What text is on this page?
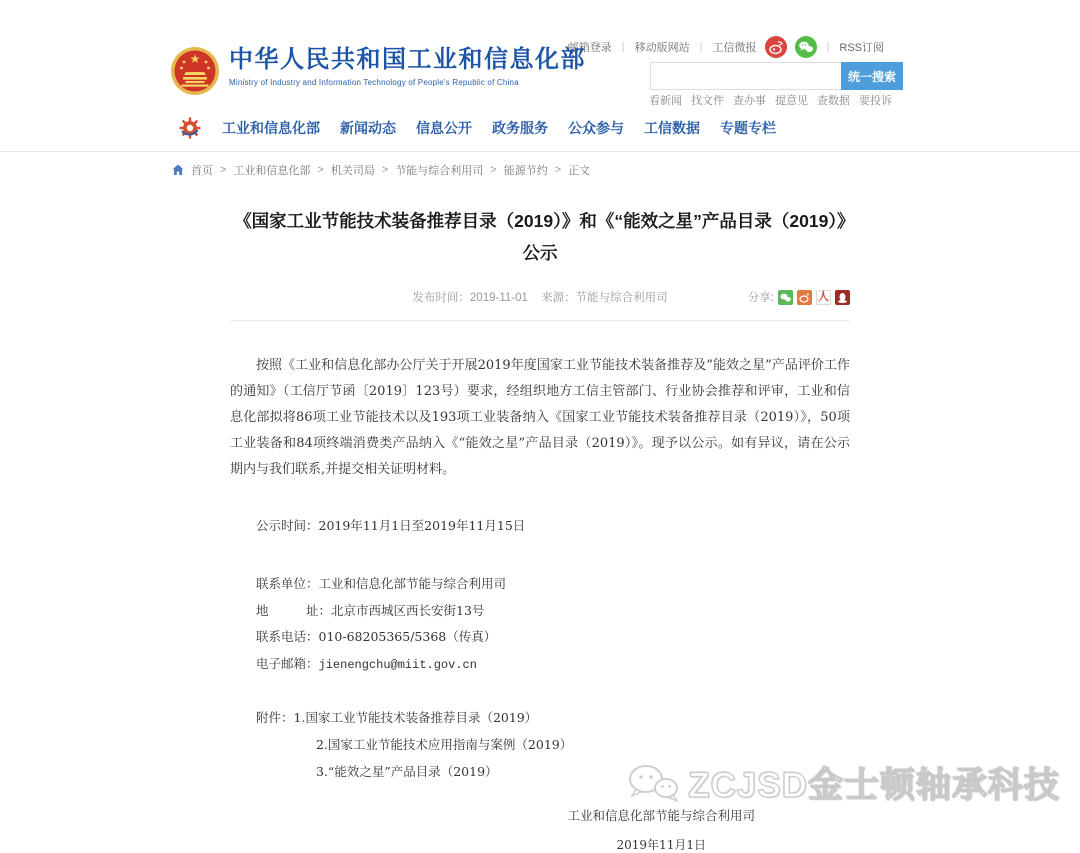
邮箱登录 | 移动版网站 | 工信微报	| RSS订阅
中华人民共和国工业和信息化部
Ministry of Industry and Information Technology of People's Republic of China	统一搜索
看新闻 找文件 查办事 提意见 查数据 要投诉
工业和信息化部 新闻动态 信息公开 政务服务 公众参与 工信数据 专题专栏
首页 > 工业和信息化部 > 机关司局 > 节能与综合利用司 > 能源节约 > 正文
《国家工业节能技术装备推荐目录（2019）》和《“能效之星”产品目录（2019）》公示
发布时间：2019-11-01 来源：节能与综合利用司	分享:	人

按照《工业和信息化部办公厅关于开展2019年度国家工业节能技术装备推荐及“能效之星”产品评价工作的通知》（工信厅节函〔2019〕123号）要求，经组织地方工信主管部门、行业协会推荐和评审，工业和信息化部拟将86项工业节能技术以及193项工业装备纳入《国家工业节能技术装备推荐目录（2019）》，50项工业装备和84项终端消费类产品纳入《“能效之星”产品目录（2019）》。现予以公示。如有异议，请在公示期内与我们联系,并提交相关证明材料。

公示时间：2019年11月1日至2019年11月15日
联系单位：工业和信息化部节能与综合利用司
地　　　址：北京市西城区西长安街13号
联系电话：010-68205365/5368（传真）
电子邮箱：jienengchu@miit.gov.cn
附件：1.国家工业节能技术装备推荐目录（2019）
2.国家工业节能技术应用指南与案例（2019）
3.“能效之星”产品目录（2019）
工业和信息化部节能与综合利用司
2019年11月1日
ZCJSD金士顿轴承科技
